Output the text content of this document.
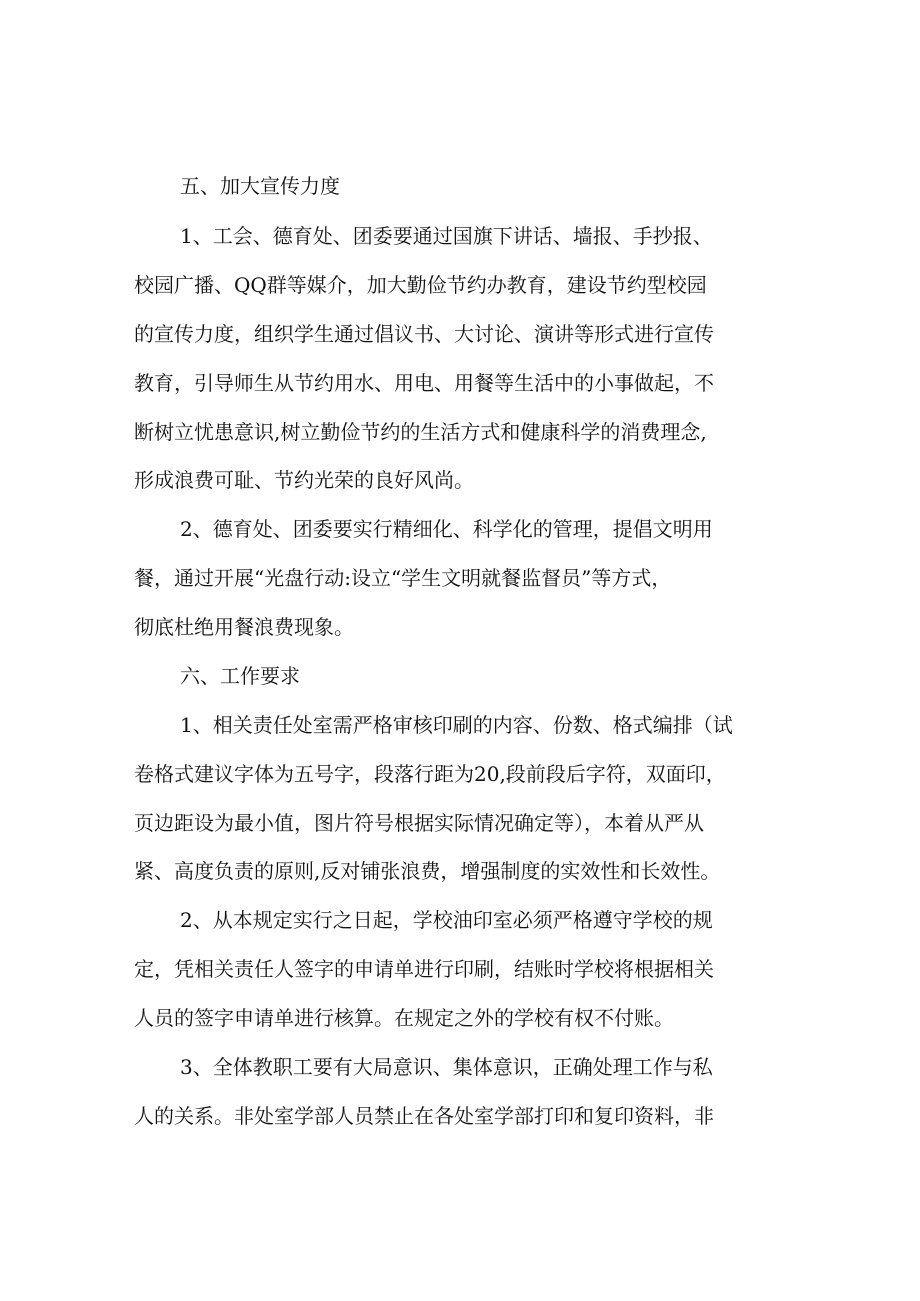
五、加大宣传力度

1、工会、德育处、团委要通过国旗下讲话、墙报、手抄报、

校园广播、QQ群等媒介，加大勤俭节约办教育，建设节约型校园

的宣传力度，组织学生通过倡议书、大讨论、演讲等形式进行宣传

教育，引导师生从节约用水、用电、用餐等生活中的小事做起，不

断树立忧患意识,树立勤俭节约的生活方式和健康科学的消费理念,

形成浪费可耻、节约光荣的良好风尚。

2、德育处、团委要实行精细化、科学化的管理，提倡文明用

餐，通过开展“光盘行动:设立“学生文明就餐监督员”等方式，

彻底杜绝用餐浪费现象。

六、工作要求

1、相关责任处室需严格审核印刷的内容、份数、格式编排（试

卷格式建议字体为五号字，段落行距为20,段前段后字符，双面印，

页边距设为最小值，图片符号根据实际情况确定等），本着从严从

紧、高度负责的原则,反对铺张浪费，增强制度的实效性和长效性。

2、从本规定实行之日起，学校油印室必须严格遵守学校的规

定，凭相关责任人签字的申请单进行印刷，结账时学校将根据相关

人员的签字申请单进行核算。在规定之外的学校有权不付账。

3、全体教职工要有大局意识、集体意识，正确处理工作与私

人的关系。非处室学部人员禁止在各处室学部打印和复印资料，非
